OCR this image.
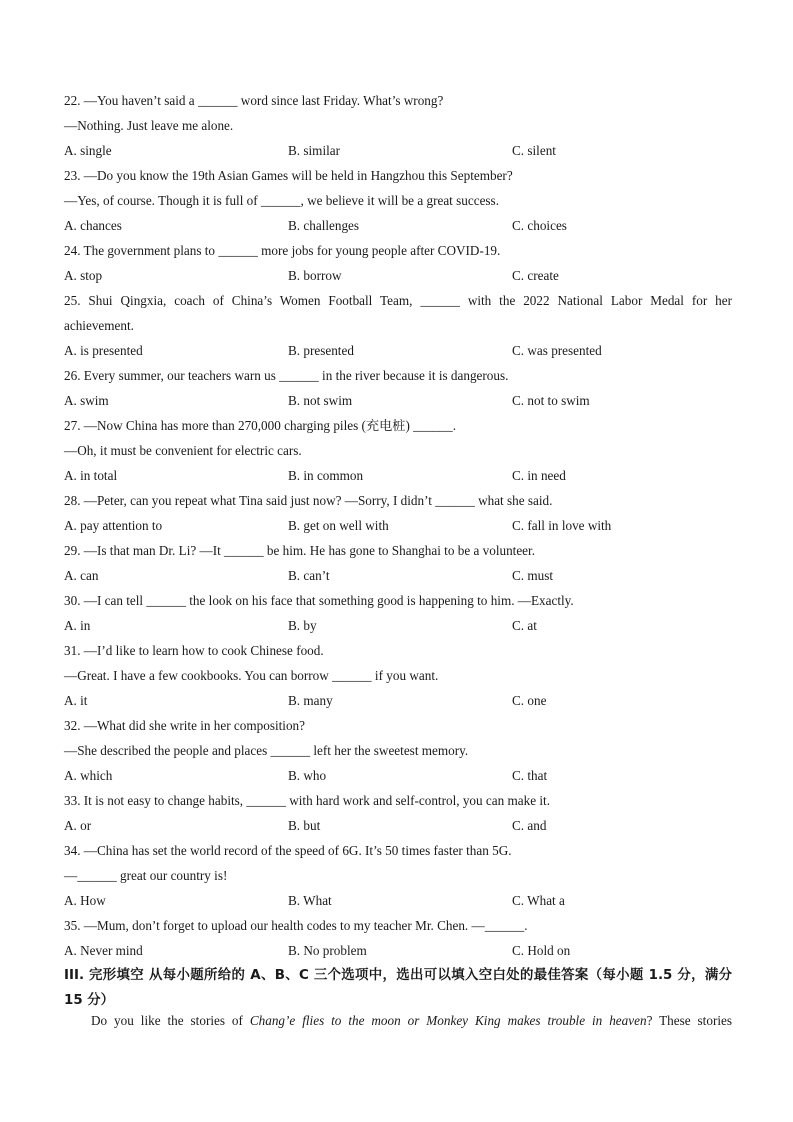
22. —You haven’t said a ______ word since last Friday. What’s wrong?
—Nothing. Just leave me alone.
A. single	B. similar	C. silent
23. —Do you know the 19th Asian Games will be held in Hangzhou this September?
—Yes, of course. Though it is full of ______, we believe it will be a great success.
A. chances	B. challenges	C. choices
24. The government plans to ______ more jobs for young people after COVID-19.
A. stop	B. borrow	C. create
25. Shui Qingxia, coach of China’s Women Football Team, ______ with the 2022 National Labor Medal for her
achievement.
A. is presented	B. presented	C. was presented
26. Every summer, our teachers warn us ______ in the river because it is dangerous.
A. swim	B. not swim	C. not to swim
27. —Now China has more than 270,000 charging piles (充电桩) ______.
—Oh, it must be convenient for electric cars.
A. in total	B. in common	C. in need
28. —Peter, can you repeat what Tina said just now? —Sorry, I didn’t ______ what she said.
A. pay attention to	B. get on well with	C. fall in love with
29. —Is that man Dr. Li? —It ______ be him. He has gone to Shanghai to be a volunteer.
A. can	B. can’t	C. must
30. —I can tell ______ the look on his face that something good is happening to him. —Exactly.
A. in	B. by	C. at
31. —I’d like to learn how to cook Chinese food.
—Great. I have a few cookbooks. You can borrow ______ if you want.
A. it	B. many	C. one
32. —What did she write in her composition?
—She described the people and places ______ left her the sweetest memory.
A. which	B. who	C. that
33. It is not easy to change habits, ______ with hard work and self-control, you can make it.
A. or	B. but	C. and
34. —China has set the world record of the speed of 6G. It’s 50 times faster than 5G.
—______ great our country is!
A. How	B. What	C. What a
35. —Mum, don’t forget to upload our health codes to my teacher Mr. Chen. —______.
A. Never mind	B. No problem	C. Hold on
III. 完形填空 从每小题所给的 A、B、C 三个选项中，选出可以填入空白处的最佳答案（每小题 1.5 分，满分 15 分）
Do you like the stories of Chang’e flies to the moon or Monkey King makes trouble in heaven? These stories
